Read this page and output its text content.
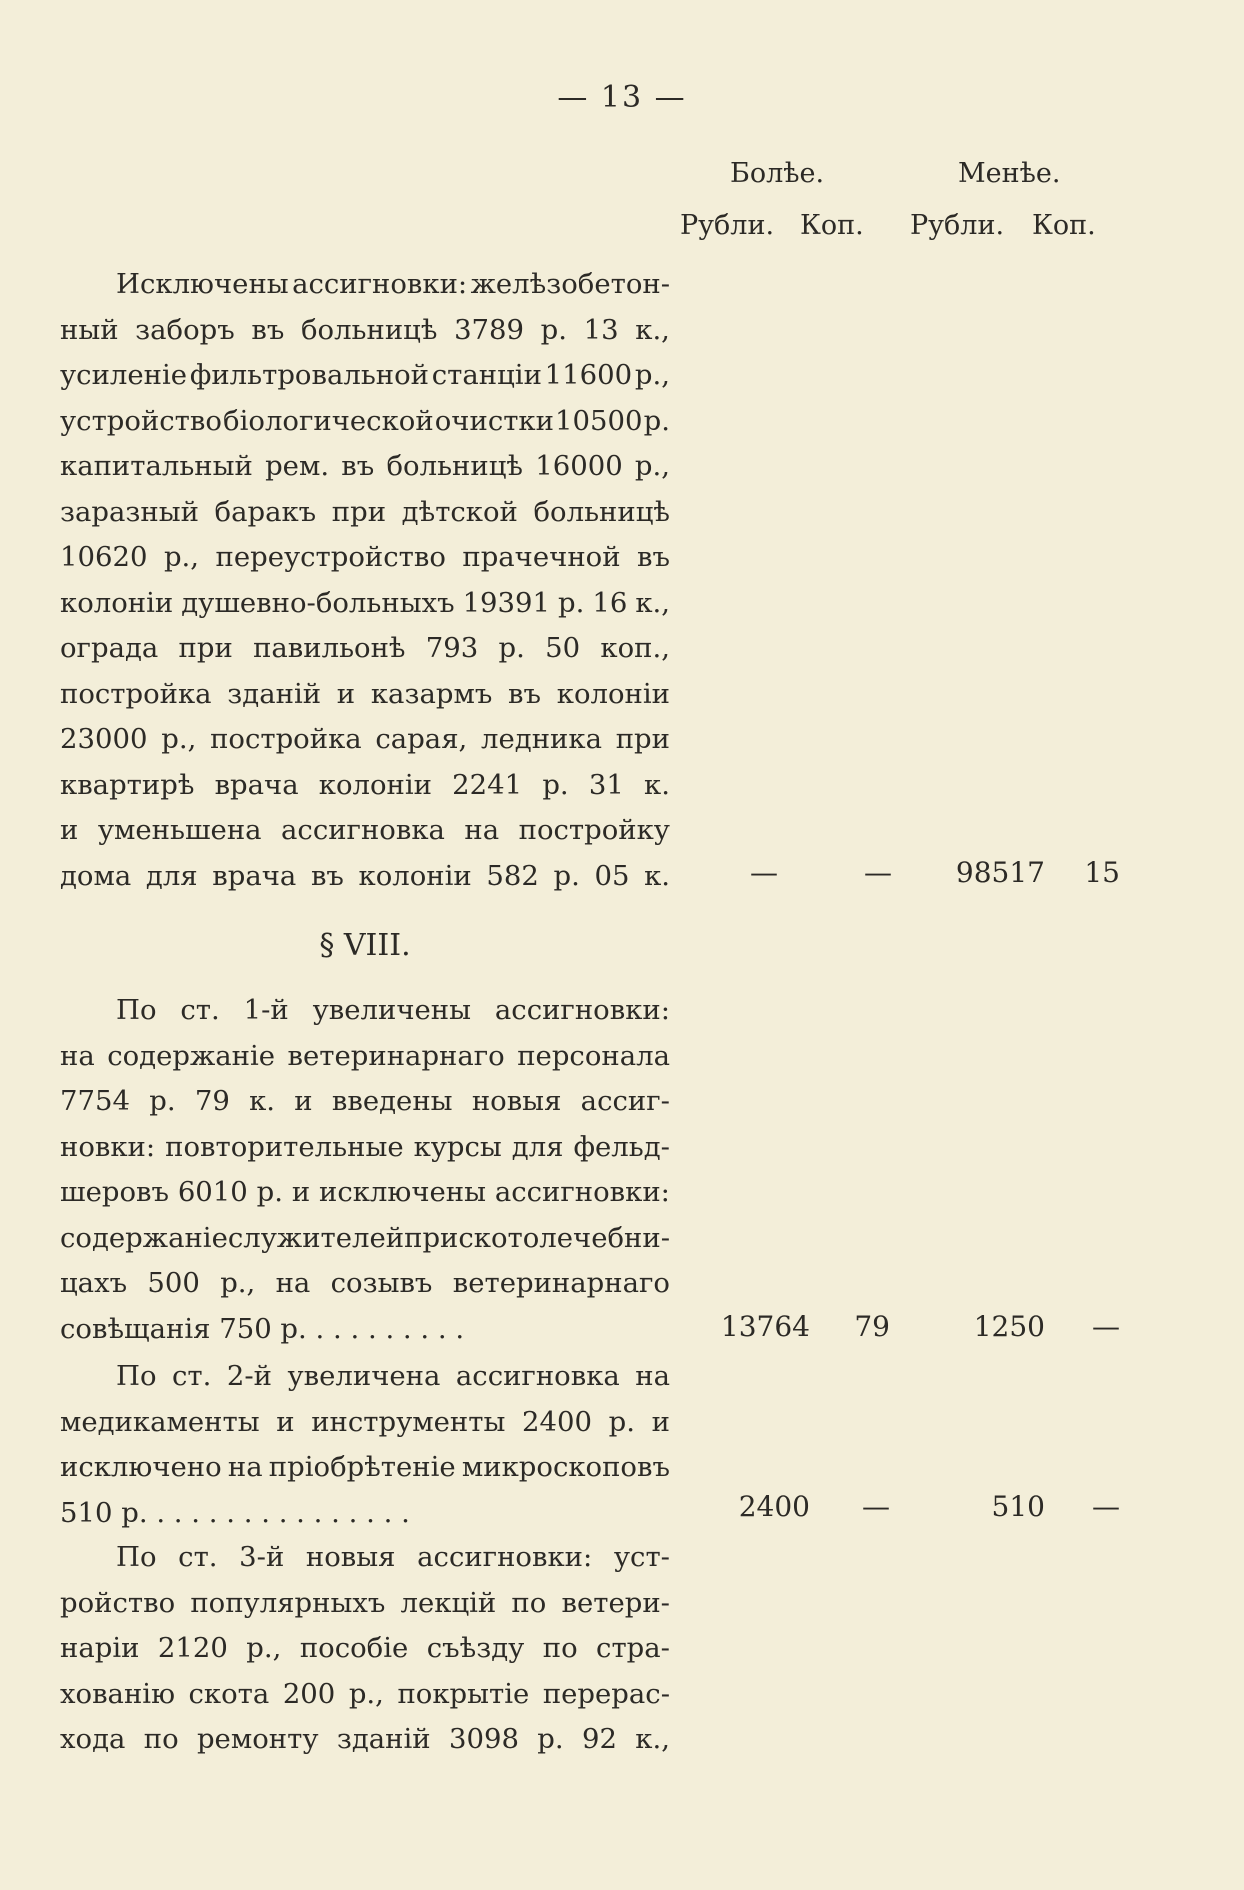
— 13 —
Болѣе.	Менѣе.
Рубли. Коп. Рубли. Коп.
Исключены ассигновки: желѣзобетон-
ный заборъ въ больницѣ 3789 р. 13 к.,
усиленіе фильтровальной станціи 11600 р.,
устройство біологической очистки 10500 р.
капитальный рем. въ больницѣ 16000 р.,
заразный баракъ при дѣтской больницѣ
10620 р., переустройство прачечной въ
колоніи душевно-больныхъ 19391 р. 16 к.,
ограда при павильонѣ 793 р. 50 коп.,
постройка зданій и казармъ въ колоніи
23000 р., постройка сарая, ледника при
квартирѣ врача колоніи 2241 р. 31 к.
и уменьшена ассигновка на постройку
дома для врача въ колоніи 582 р. 05 к.	—	—	98517	15
§ VIII.
По ст. 1-й увеличены ассигновки:
на содержаніе ветеринарнаго персонала
7754 р. 79 к. и введены новыя ассиг-
новки: повторительные курсы для фельд-
шеровъ 6010 р. и исключены ассигновки:
содержаніе служителей при скотолечебни-
цахъ 500 р., на созывъ ветеринарнаго
совѣщанія 750 р. . . . . . . . . .	13764	79	1250	—
По ст. 2-й увеличена ассигновка на
медикаменты и инструменты 2400 р. и
исключено на пріобрѣтеніе микроскоповъ
510 р. . . . . . . . . . . . . . . .	2400	—	510	—
По ст. 3-й новыя ассигновки: уст-
ройство популярныхъ лекцій по ветери-
наріи 2120 р., пособіе съѣзду по стра-
хованію скота 200 р., покрытіе перерас-
хода по ремонту зданій 3098 р. 92 к.,
